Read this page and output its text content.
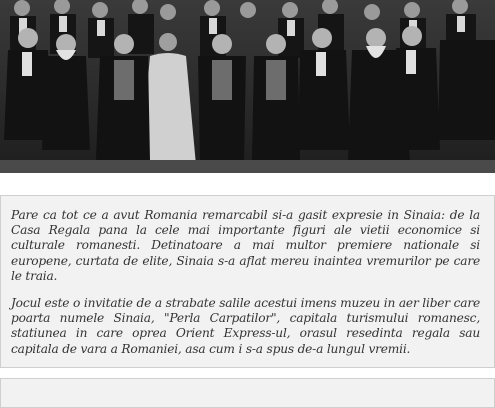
Pare ca tot ce a avut Romania remarcabil si-a gasit expresie in Sinaia: de la Casa Regala pana la cele mai importante figuri ale vietii economice si culturale romanesti. Detinatoare a mai multor premiere nationale si europene, curtata de elite, Sinaia s-a aflat mereu inaintea vremurilor pe care le traia.

Jocul este o invitatie de a strabate salile acestui imens muzeu in aer liber care poarta numele Sinaia, "Perla Carpatilor", capitala turismului romanesc, statiunea in care oprea Orient Express-ul, orasul resedinta regala sau capitala de vara a Romaniei, asa cum i s-a spus de-a lungul vremii.
